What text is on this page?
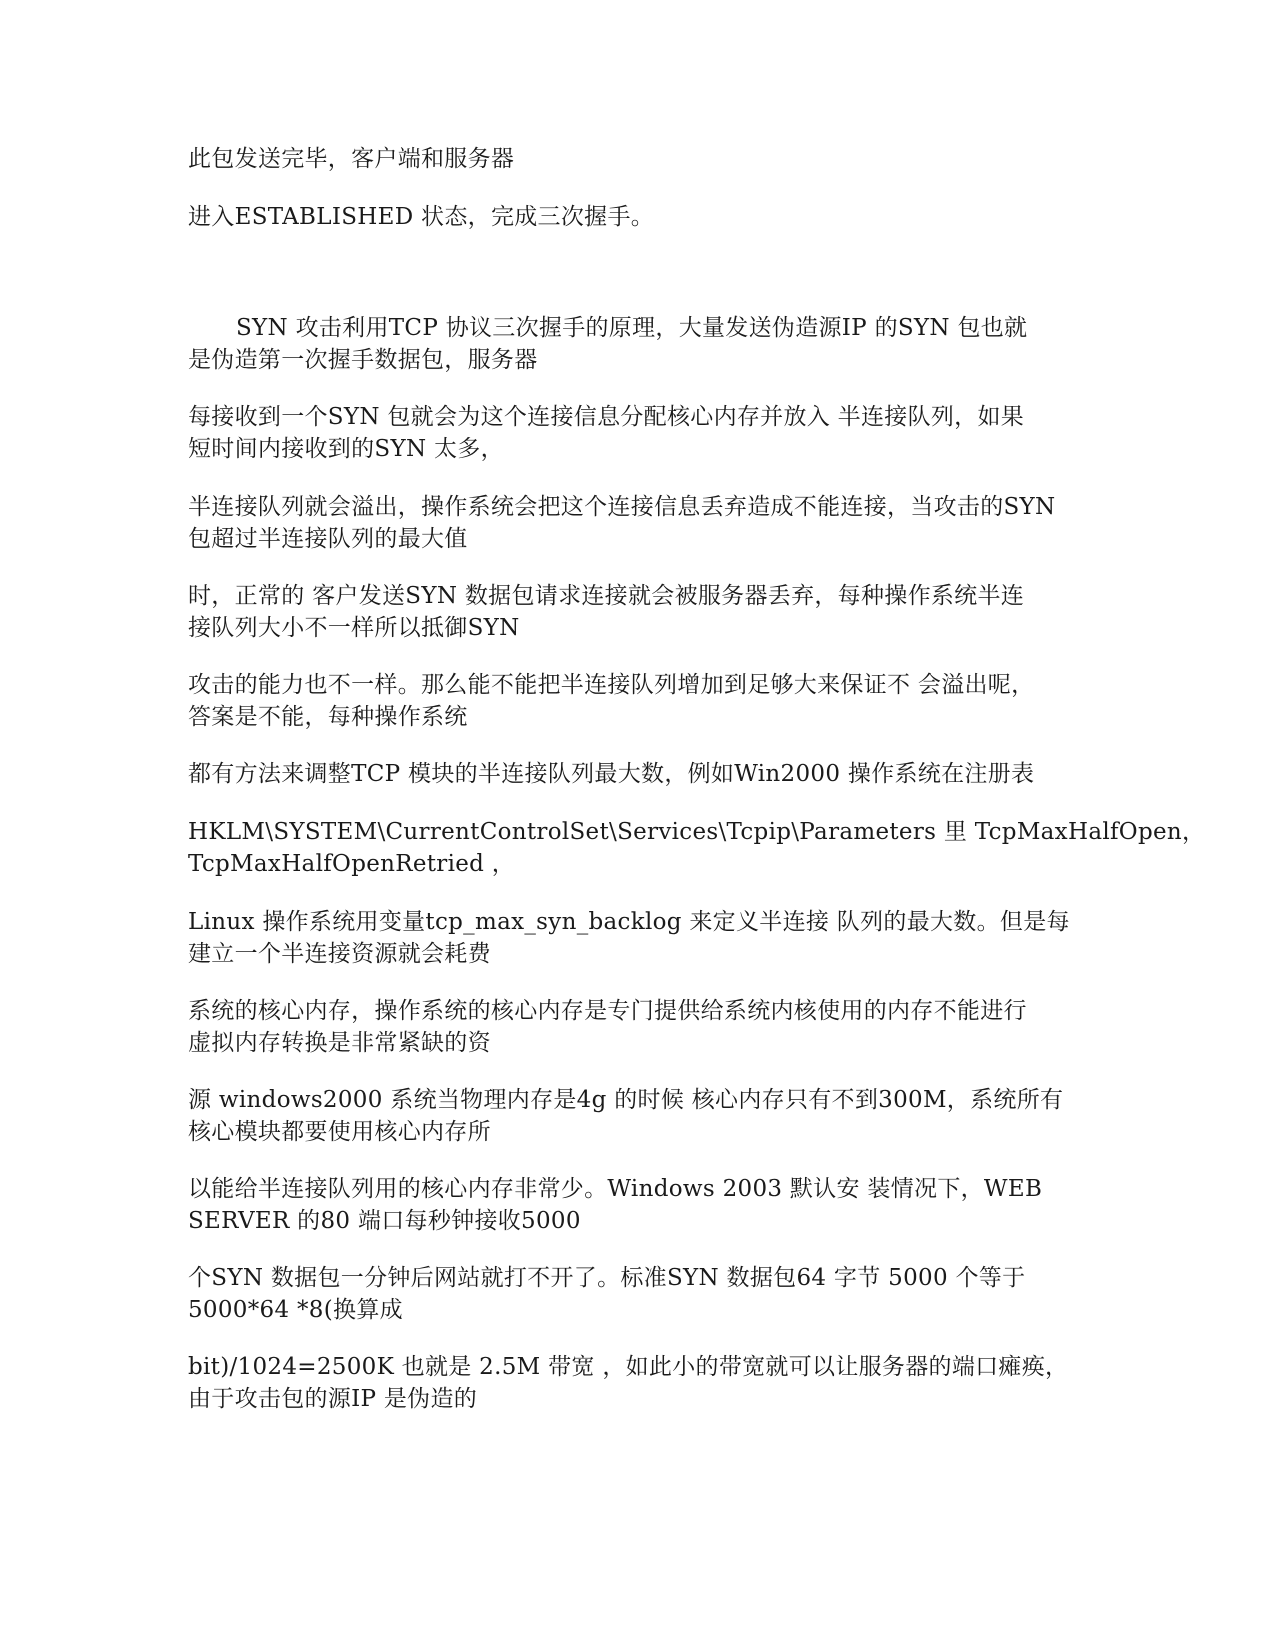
此包发送完毕，客户端和服务器

进入ESTABLISHED 状态，完成三次握手。

SYN 攻击利用TCP 协议三次握手的原理，大量发送伪造源IP 的SYN 包也就
是伪造第一次握手数据包，服务器

每接收到一个SYN 包就会为这个连接信息分配核心内存并放入 半连接队列，如果
短时间内接收到的SYN 太多，

半连接队列就会溢出，操作系统会把这个连接信息丢弃造成不能连接，当攻击的SYN
包超过半连接队列的最大值

时，正常的 客户发送SYN 数据包请求连接就会被服务器丢弃，每种操作系统半连
接队列大小不一样所以抵御SYN

攻击的能力也不一样。那么能不能把半连接队列增加到足够大来保证不 会溢出呢，
答案是不能，每种操作系统

都有方法来调整TCP 模块的半连接队列最大数，例如Win2000 操作系统在注册表

HKLM\SYSTEM\CurrentControlSet\Services\Tcpip\Parameters 里 TcpMaxHalfOpen，
TcpMaxHalfOpenRetried ，

Linux 操作系统用变量tcp_max_syn_backlog 来定义半连接 队列的最大数。但是每
建立一个半连接资源就会耗费

系统的核心内存，操作系统的核心内存是专门提供给系统内核使用的内存不能进行
虚拟内存转换是非常紧缺的资

源 windows2000 系统当物理内存是4g 的时候 核心内存只有不到300M，系统所有
核心模块都要使用核心内存所

以能给半连接队列用的核心内存非常少。Windows 2003 默认安 装情况下，WEB
SERVER 的80 端口每秒钟接收5000

个SYN 数据包一分钟后网站就打不开了。标准SYN 数据包64 字节 5000 个等于
5000*64 *8(换算成

bit)/1024=2500K 也就是 2.5M 带宽 ，如此小的带宽就可以让服务器的端口瘫痪，
由于攻击包的源IP 是伪造的
